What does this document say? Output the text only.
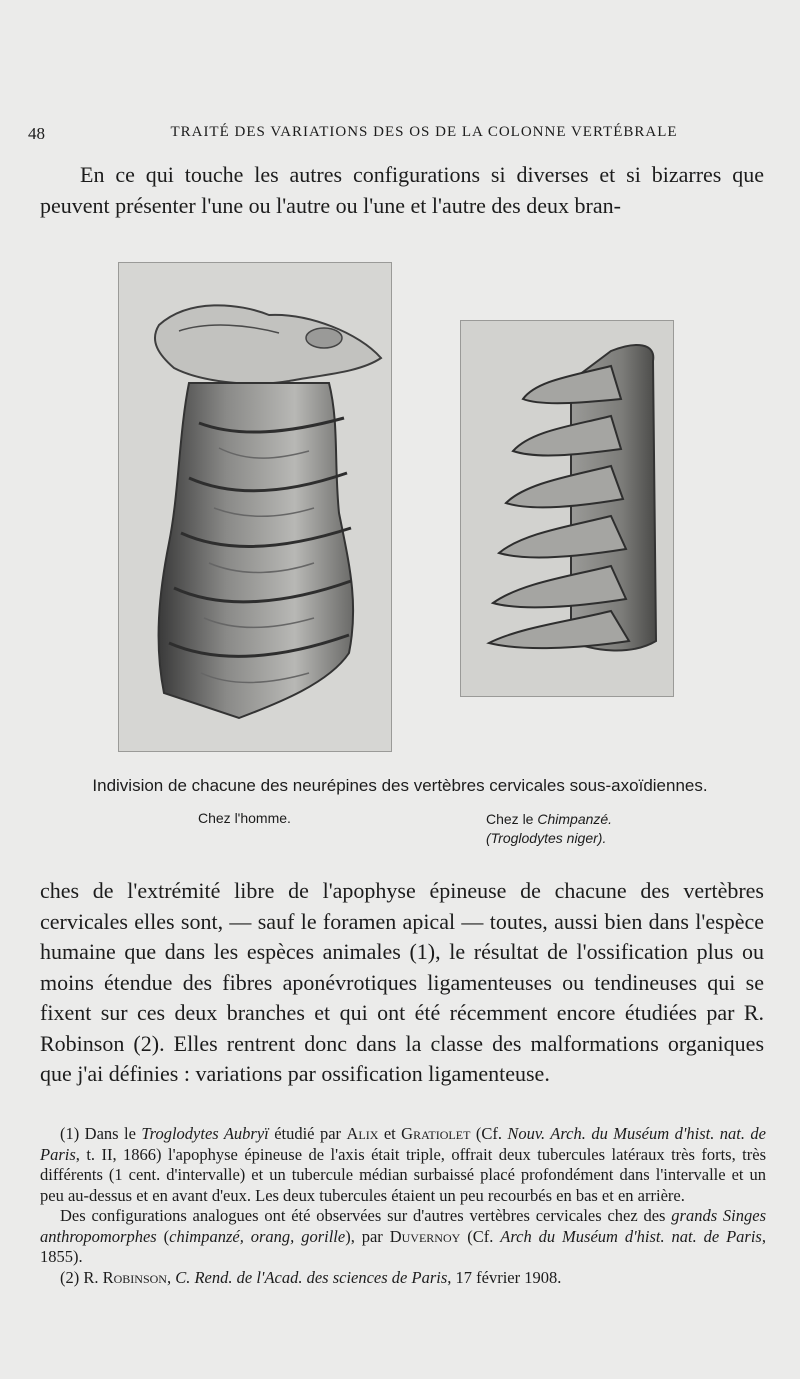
48	TRAITÉ DES VARIATIONS DES OS DE LA COLONNE VERTÉBRALE
En ce qui touche les autres configurations si diverses et si bizarres que peuvent présenter l'une ou l'autre ou l'une et l'autre des deux bran-
Indivision de chacune des neurépines des vertèbres cervicales sous-axoïdiennes.
Chez l'homme.	Chez le Chimpanzé.
(Troglodytes niger).
ches de l'extrémité libre de l'apophyse épineuse de chacune des vertèbres cervicales elles sont, — sauf le foramen apical — toutes, aussi bien dans l'espèce humaine que dans les espèces animales (1), le résultat de l'ossification plus ou moins étendue des fibres aponévrotiques ligamenteuses ou tendineuses qui se fixent sur ces deux branches et qui ont été récemment encore étudiées par R. Robinson (2). Elles rentrent donc dans la classe des malformations organiques que j'ai définies : variations par ossification ligamenteuse.

(1) Dans le Troglodytes Aubryï étudié par Alix et Gratiolet (Cf. Nouv. Arch. du Muséum d'hist. nat. de Paris, t. II, 1866) l'apophyse épineuse de l'axis était triple, offrait deux tubercules latéraux très forts, très différents (1 cent. d'intervalle) et un tubercule médian surbaissé placé profondément dans l'intervalle et un peu au-dessus et en avant d'eux. Les deux tubercules étaient un peu recourbés en bas et en arrière.

Des configurations analogues ont été observées sur d'autres vertèbres cervicales chez des grands Singes anthropomorphes (chimpanzé, orang, gorille), par Duvernoy (Cf. Arch du Muséum d'hist. nat. de Paris, 1855).

(2) R. Robinson, C. Rend. de l'Acad. des sciences de Paris, 17 février 1908.
